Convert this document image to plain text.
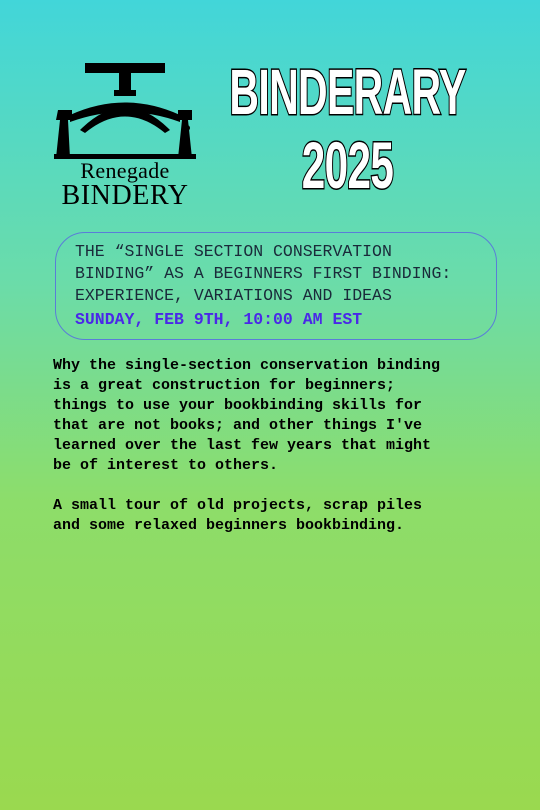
Renegade
BINDERY
BINDERARY
2025

THE “SINGLE SECTION CONSERVATION
BINDING” AS A BEGINNERS FIRST BINDING:
EXPERIENCE, VARIATIONS AND IDEAS

SUNDAY, FEB 9TH, 10:00 AM EST

Why the single-section conservation binding
is a great construction for beginners;
things to use your bookbinding skills for
that are not books; and other things I've
learned over the last few years that might
be of interest to others.

A small tour of old projects, scrap piles
and some relaxed beginners bookbinding.
